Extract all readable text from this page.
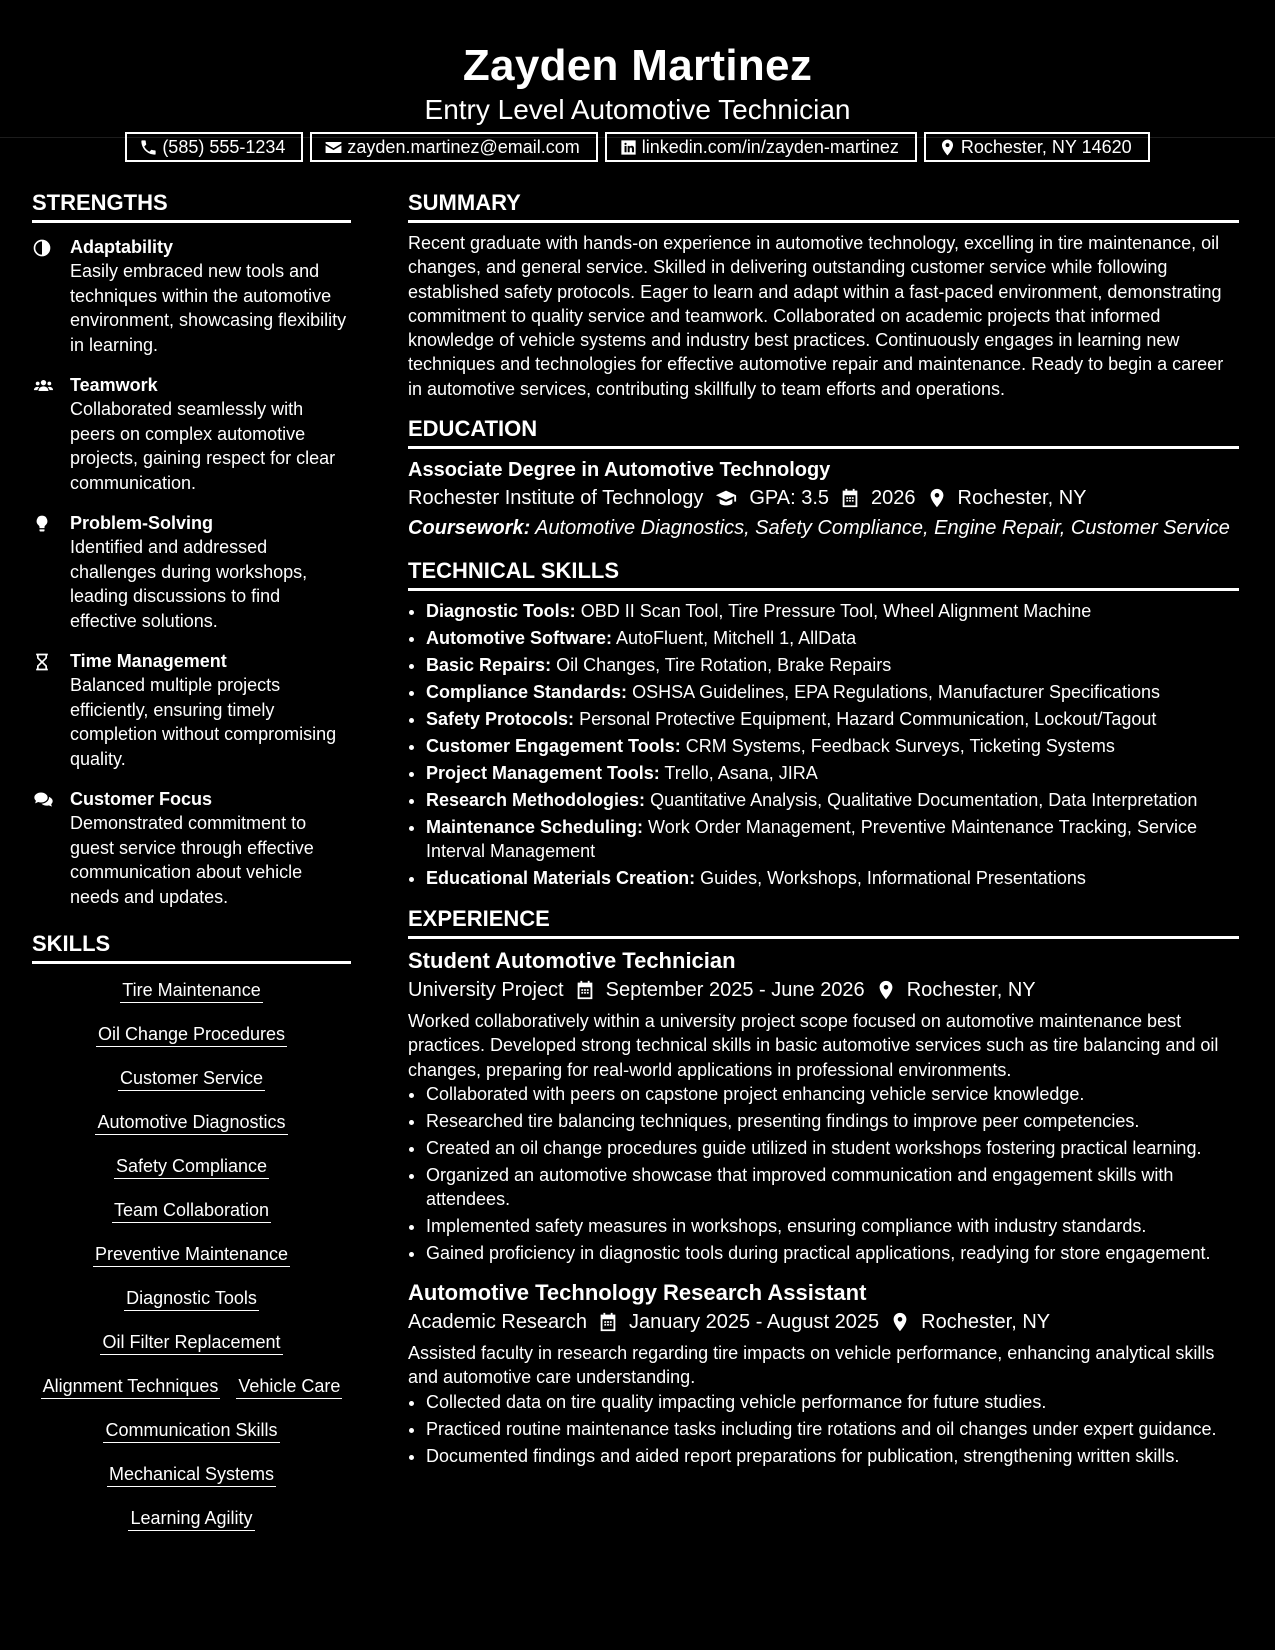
Zayden Martinez
Entry Level Automotive Technician
(585) 555-1234	zayden.martinez@email.com	linkedin.com/in/zayden-martinez	Rochester, NY 14620
STRENGTHS
Adaptability
Easily embraced new tools and techniques within the automotive environment, showcasing flexibility in learning.
Teamwork
Collaborated seamlessly with peers on complex automotive projects, gaining respect for clear communication.
Problem-Solving
Identified and addressed challenges during workshops, leading discussions to find effective solutions.
Time Management
Balanced multiple projects efficiently, ensuring timely completion without compromising quality.
Customer Focus
Demonstrated commitment to guest service through effective communication about vehicle needs and updates.
SKILLS
Tire Maintenance
Oil Change Procedures
Customer Service
Automotive Diagnostics
Safety Compliance
Team Collaboration
Preventive Maintenance
Diagnostic Tools
Oil Filter Replacement
Alignment Techniques Vehicle Care
Communication Skills
Mechanical Systems
Learning Agility
SUMMARY

Recent graduate with hands-on experience in automotive technology, excelling in tire maintenance, oil changes, and general service. Skilled in delivering outstanding customer service while following established safety protocols. Eager to learn and adapt within a fast-paced environment, demonstrating commitment to quality service and teamwork. Collaborated on academic projects that informed knowledge of vehicle systems and industry best practices. Continuously engages in learning new techniques and technologies for effective automotive repair and maintenance. Ready to begin a career in automotive services, contributing skillfully to team efforts and operations.

EDUCATION
Associate Degree in Automotive Technology
Rochester Institute of Technology GPA: 3.5 2026 Rochester, NY
Coursework: Automotive Diagnostics, Safety Compliance, Engine Repair, Customer Service
TECHNICAL SKILLS
• Diagnostic Tools: OBD II Scan Tool, Tire Pressure Tool, Wheel Alignment Machine
• Automotive Software: AutoFluent, Mitchell 1, AllData
• Basic Repairs: Oil Changes, Tire Rotation, Brake Repairs
• Compliance Standards: OSHSA Guidelines, EPA Regulations, Manufacturer Specifications
• Safety Protocols: Personal Protective Equipment, Hazard Communication, Lockout/Tagout
• Customer Engagement Tools: CRM Systems, Feedback Surveys, Ticketing Systems
• Project Management Tools: Trello, Asana, JIRA
• Research Methodologies: Quantitative Analysis, Qualitative Documentation, Data Interpretation
• Maintenance Scheduling: Work Order Management, Preventive Maintenance Tracking, Service Interval Management
• Educational Materials Creation: Guides, Workshops, Informational Presentations
EXPERIENCE
Student Automotive Technician
University Project September 2025 - June 2026 Rochester, NY
Worked collaboratively within a university project scope focused on automotive maintenance best practices. Developed strong technical skills in basic automotive services such as tire balancing and oil changes, preparing for real-world applications in professional environments.
• Collaborated with peers on capstone project enhancing vehicle service knowledge.
• Researched tire balancing techniques, presenting findings to improve peer competencies.
• Created an oil change procedures guide utilized in student workshops fostering practical learning.
• Organized an automotive showcase that improved communication and engagement skills with attendees.
• Implemented safety measures in workshops, ensuring compliance with industry standards.
• Gained proficiency in diagnostic tools during practical applications, readying for store engagement.
Automotive Technology Research Assistant
Academic Research January 2025 - August 2025 Rochester, NY
Assisted faculty in research regarding tire impacts on vehicle performance, enhancing analytical skills and automotive care understanding.
• Collected data on tire quality impacting vehicle performance for future studies.
• Practiced routine maintenance tasks including tire rotations and oil changes under expert guidance.
• Documented findings and aided report preparations for publication, strengthening written skills.
